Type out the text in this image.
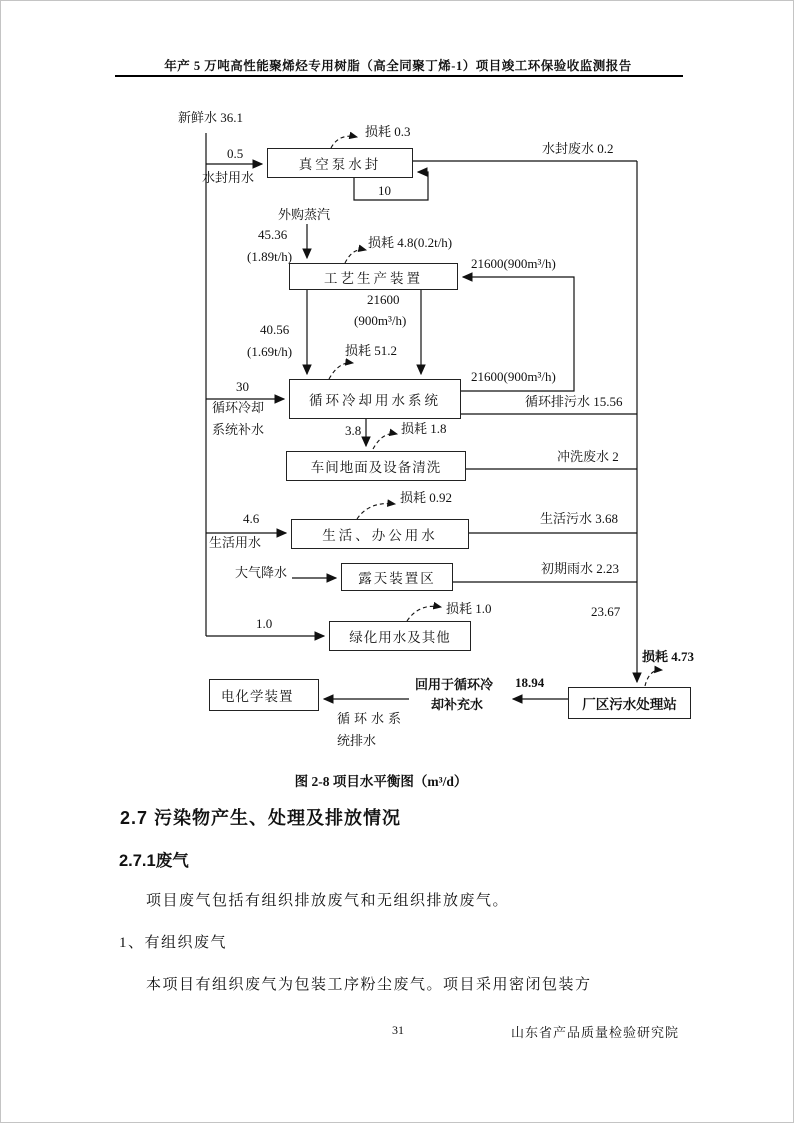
年产 5 万吨高性能聚烯烃专用树脂（高全同聚丁烯-1）项目竣工环保验收监测报告
真空泵水封
工艺生产装置
循环冷却用水系统
车间地面及设备清洗
生活、办公用水
露天装置区
绿化用水及其他
电化学装置
厂区污水处理站
新鲜水 36.1
0.5
水封用水
损耗 0.3
10
水封废水 0.2
外购蒸汽
45.36
(1.89t/h)
损耗 4.8(0.2t/h)
21600(900m³/h)
21600
(900m³/h)
40.56
(1.69t/h)	损耗 51.2
30
循环冷却
系统补水
21600(900m³/h)
循环排污水 15.56
3.8	损耗 1.8
冲洗废水 2
损耗 0.92
4.6
生活用水
生活污水 3.68
大气降水	初期雨水 2.23
1.0
损耗 1.0	23.67
损耗 4.73
18.94
回用于循环冷
却补充水
循环水系
统排水
图 2-8 项目水平衡图（m³/d）
2.7 污染物产生、处理及排放情况
2.7.1废气
项目废气包括有组织排放废气和无组织排放废气。
1、有组织废气
本项目有组织废气为包装工序粉尘废气。项目采用密闭包装方
31	山东省产品质量检验研究院
